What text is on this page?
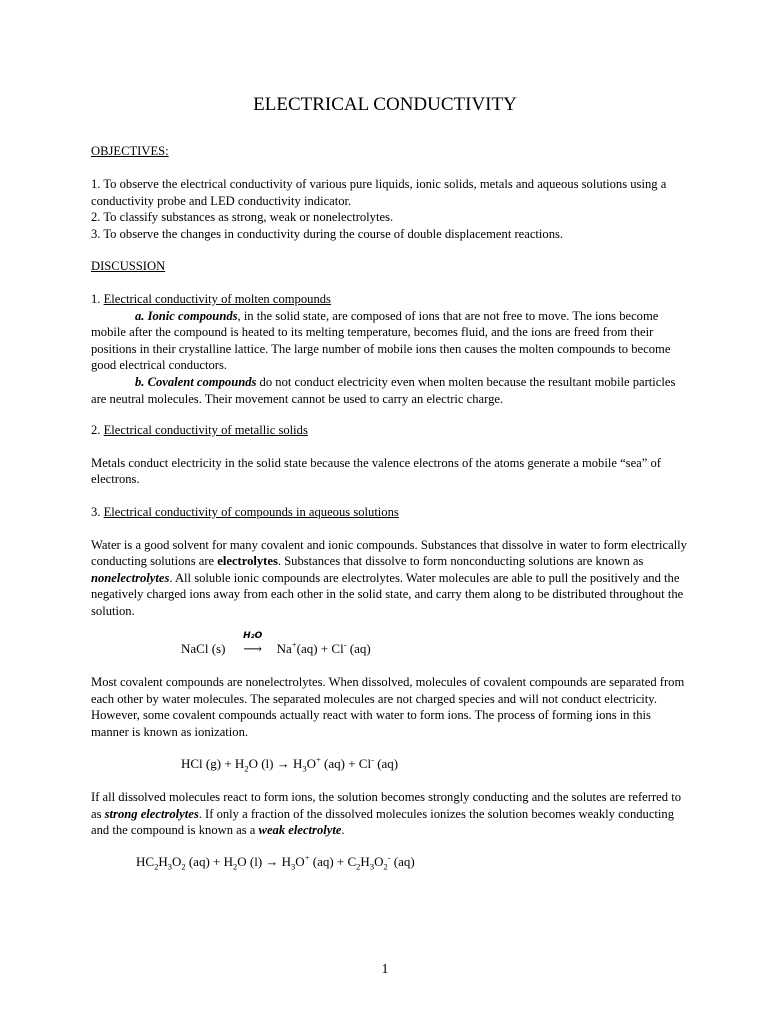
ELECTRICAL CONDUCTIVITY
OBJECTIVES:
1. To observe the electrical conductivity of various pure liquids, ionic solids, metals and aqueous solutions using a conductivity probe and LED conductivity indicator.
2. To classify substances as strong, weak or nonelectrolytes.
3. To observe the changes in conductivity during the course of double displacement reactions.
DISCUSSION
1. Electrical conductivity of molten compounds
a. Ionic compounds, in the solid state, are composed of ions that are not free to move. The ions become mobile after the compound is heated to its melting temperature, becomes fluid, and the ions are freed from their positions in their crystalline lattice. The large number of mobile ions then causes the molten compounds to become good electrical conductors.
b. Covalent compounds do not conduct electricity even when molten because the resultant mobile particles are neutral molecules. Their movement cannot be used to carry an electric charge.
2. Electrical conductivity of metallic solids
Metals conduct electricity in the solid state because the valence electrons of the atoms generate a mobile “sea” of electrons.
3. Electrical conductivity of compounds in aqueous solutions
Water is a good solvent for many covalent and ionic compounds. Substances that dissolve in water to form electrically conducting solutions are electrolytes. Substances that dissolve to form nonconducting solutions are known as nonelectrolytes. All soluble ionic compounds are electrolytes. Water molecules are able to pull the positively and the negatively charged ions away from each other in the solid state, and carry them along to be distributed throughout the solution.
NaCl (s)
H₂O
⟶ Na+(aq) + Cl- (aq)
Most covalent compounds are nonelectrolytes. When dissolved, molecules of covalent compounds are separated from each other by water molecules. The separated molecules are not charged species and will not conduct electricity. However, some covalent compounds actually react with water to form ions. The process of forming ions in this manner is known as ionization.
HCl $(g) + H_2O$ $(l) \to H_3O^+$ (aq) + Cl- (aq)
If all dissolved molecules react to form ions, the solution becomes strongly conducting and the solutes are referred to as strong electrolytes. If only a fraction of the dissolved molecules ionizes the solution becomes weakly conducting and the compound is known as a weak electrolyte.
$HC_2H_3O_2$ $(aq) + H_2O$ $(l) \to H_3O^+$ $(aq) + C_2H_3O_2^-$ (aq)
1
